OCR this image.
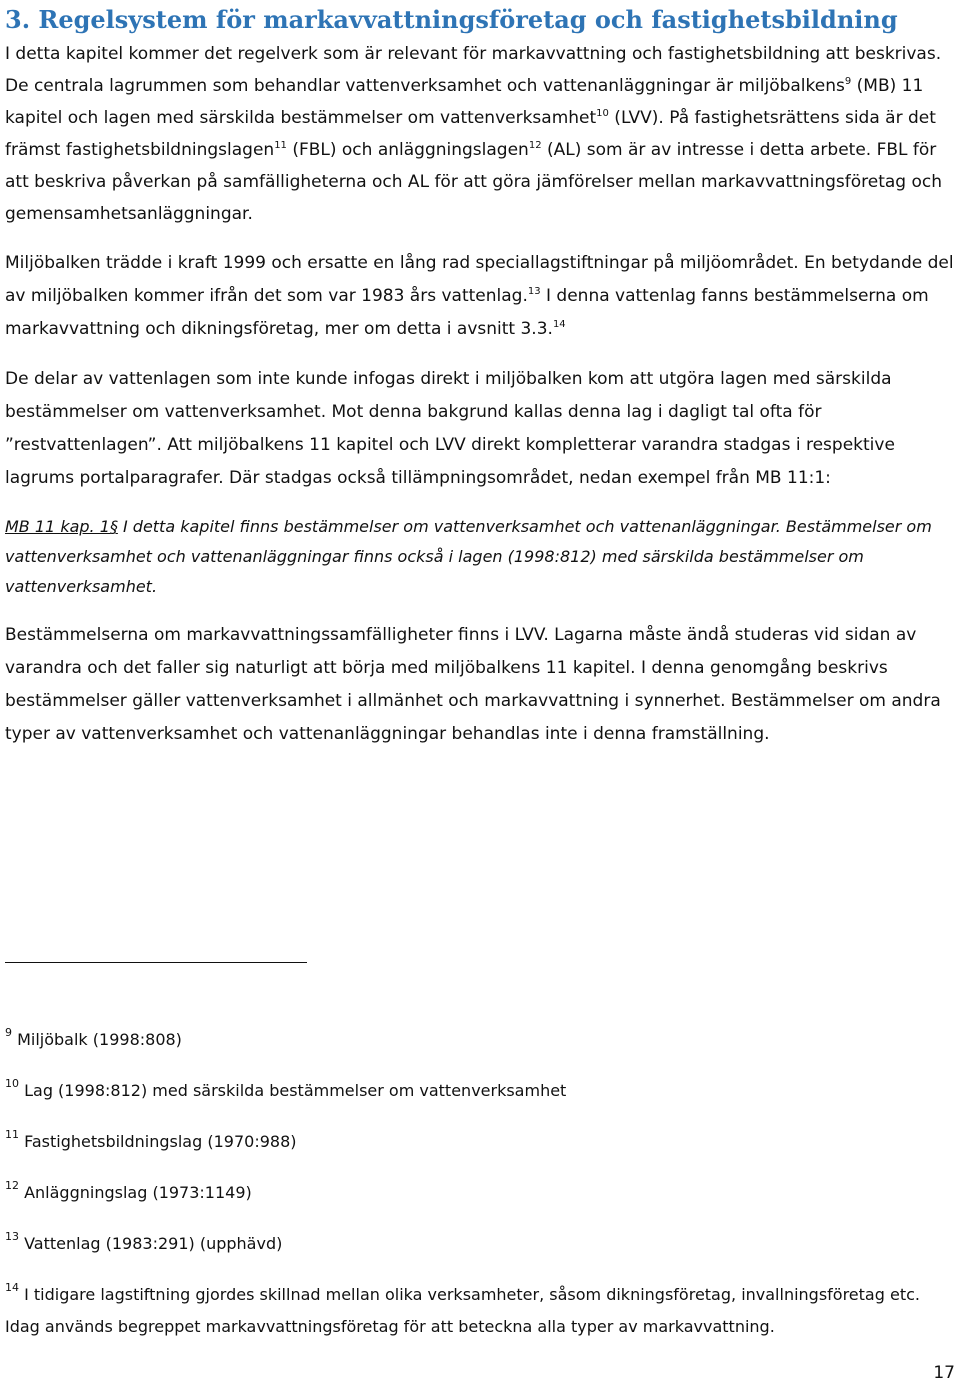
3. Regelsystem för markavvattningsföretag och fastighetsbildning

I detta kapitel kommer det regelverk som är relevant för markavvattning och fastighetsbildning att beskrivas. De centrala lagrummen som behandlar vattenverksamhet och vattenanläggningar är miljöbalkens$^9$ (MB) 11 kapitel och lagen med särskilda bestämmelser om vattenverksamhet$^{10}$ (LVV). På fastighetsrättens sida är det främst fastighetsbildningslagen$^{11}$ (FBL) och anläggningslagen$^{12}$ (AL) som är av intresse i detta arbete. FBL för att beskriva påverkan på samfälligheterna och AL för att göra jämförelser mellan markavvattningsföretag och gemensamhetsanläggningar.

Miljöbalken trädde i kraft 1999 och ersatte en lång rad speciallagstiftningar på miljöområdet. En betydande del av miljöbalken kommer ifrån det som var 1983 års vattenlag.$^{13}$ I denna vattenlag fanns bestämmelserna om markavvattning och dikningsföretag, mer om detta i avsnitt 3.3.14

De delar av vattenlagen som inte kunde infogas direkt i miljöbalken kom att utgöra lagen med särskilda bestämmelser om vattenverksamhet. Mot denna bakgrund kallas denna lag i dagligt tal ofta för ”restvattenlagen”. Att miljöbalkens 11 kapitel och LVV direkt kompletterar varandra stadgas i respektive lagrums portalparagrafer. Där stadgas också tillämpningsområdet, nedan exempel från MB 11:1:

MB 11 kap. 1§ I detta kapitel finns bestämmelser om vattenverksamhet och vattenanläggningar. Bestämmelser om vattenverksamhet och vattenanläggningar finns också i lagen (1998:812) med särskilda bestämmelser om vattenverksamhet.

Bestämmelserna om markavvattningssamfälligheter finns i LVV. Lagarna måste ändå studeras vid sidan av varandra och det faller sig naturligt att börja med miljöbalkens 11 kapitel. I denna genomgång beskrivs bestämmelser gäller vattenverksamhet i allmänhet och markavvattning i synnerhet. Bestämmelser om andra typer av vattenverksamhet och vattenanläggningar behandlas inte i denna framställning.

$^9$ Miljöbalk (1998:808)

$^{10}$ Lag (1998:812) med särskilda bestämmelser om vattenverksamhet

$^{11}$ Fastighetsbildningslag (1970:988)

$^{12}$ Anläggningslag (1973:1149)

$^{13}$ Vattenlag (1983:291) (upphävd)

$^{14}$ I tidigare lagstiftning gjordes skillnad mellan olika verksamheter, såsom dikningsföretag, invallningsföretag etc. Idag används begreppet markavvattningsföretag för att beteckna alla typer av markavvattning.

17
